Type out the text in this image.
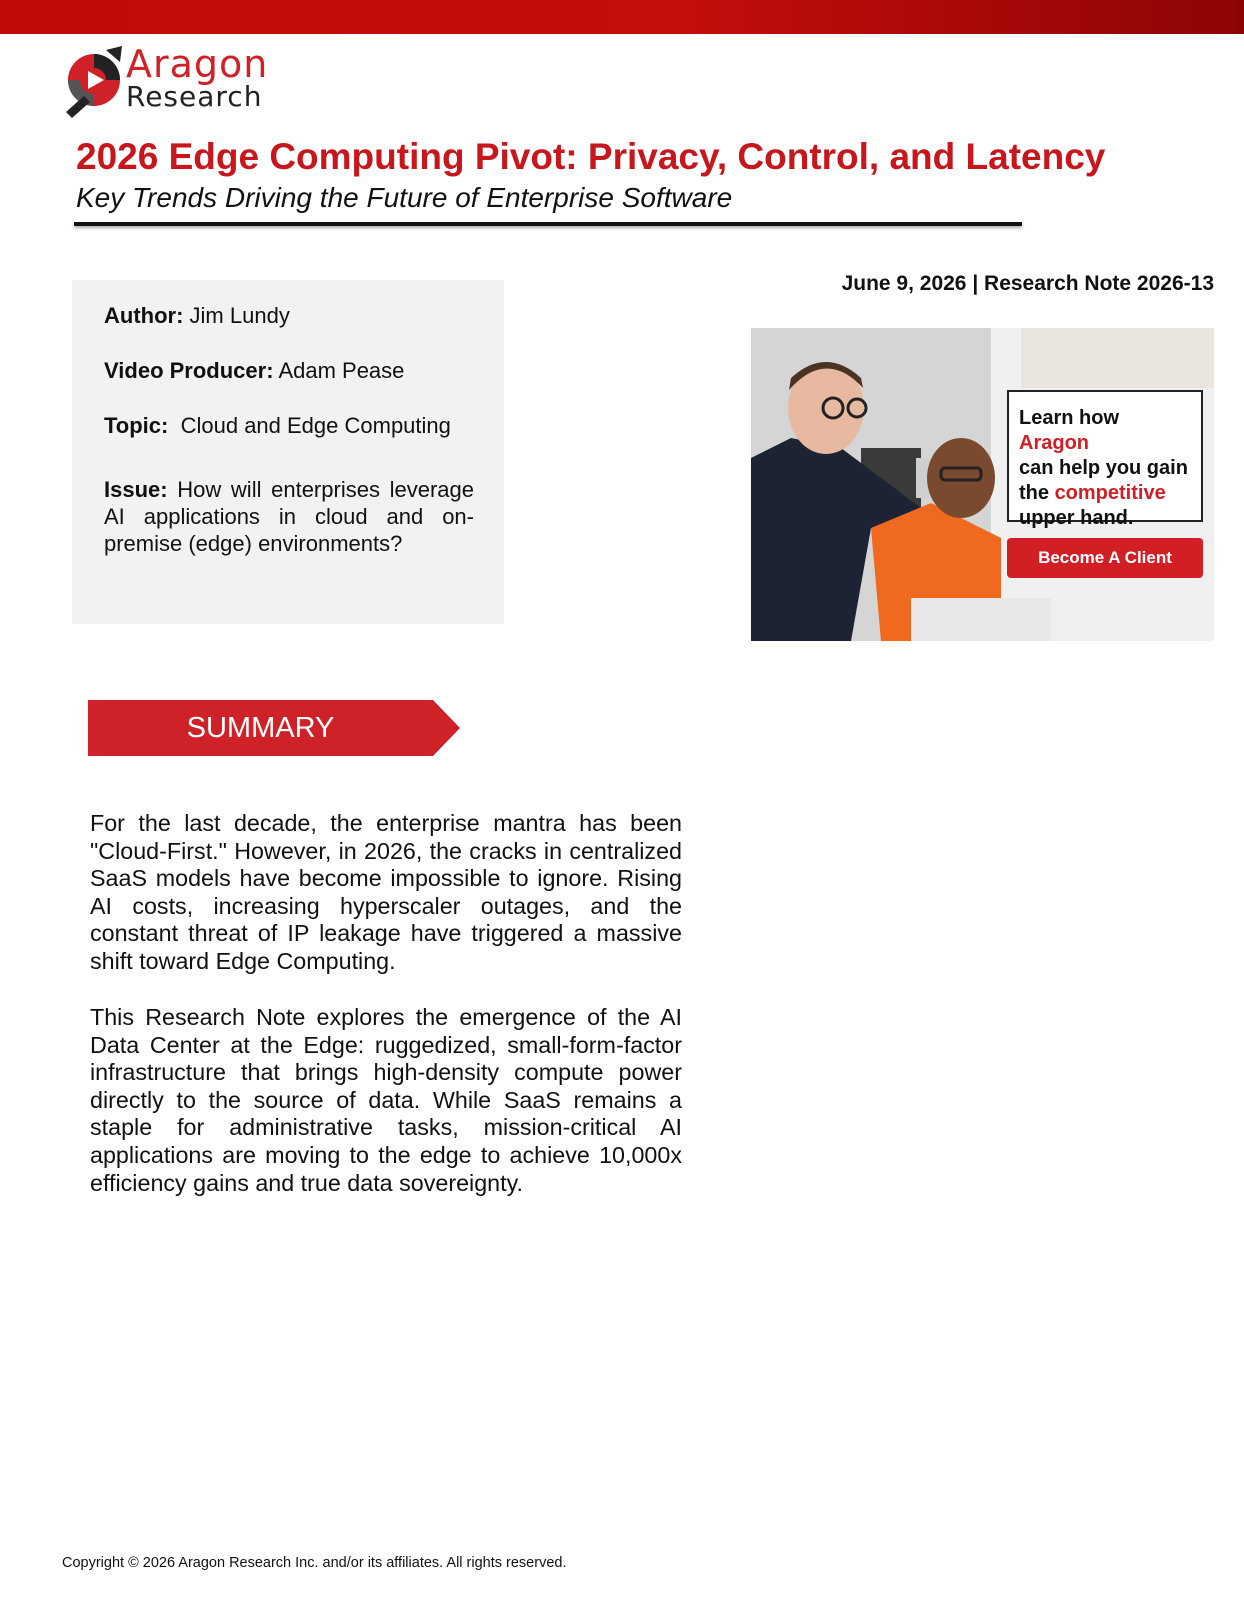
Aragon
Research
2026 Edge Computing Pivot: Privacy, Control, and Latency
Key Trends Driving the Future of Enterprise Software
Author: Jim Lundy
Video Producer: Adam Pease
Topic: Cloud and Edge Computing
Issue: How will enterprises leverage AI applications in cloud and on-premise (edge) environments?
June 9, 2026 | Research Note 2026-13
Learn how Aragon
can help you gain
the competitive
upper hand.
Become A Client
SUMMARY
For the last decade, the enterprise mantra has been "Cloud-First." However, in 2026, the cracks in centralized SaaS models have become impossible to ignore. Rising AI costs, increasing hyperscaler outages, and the constant threat of IP leakage have triggered a massive shift toward Edge Computing.
This Research Note explores the emergence of the AI Data Center at the Edge: ruggedized, small-form-factor infrastructure that brings high-density compute power directly to the source of data. While SaaS remains a staple for administrative tasks, mission-critical AI applications are moving to the edge to achieve 10,000x efficiency gains and true data sovereignty.
Copyright © 2026 Aragon Research Inc. and/or its affiliates. All rights reserved.
